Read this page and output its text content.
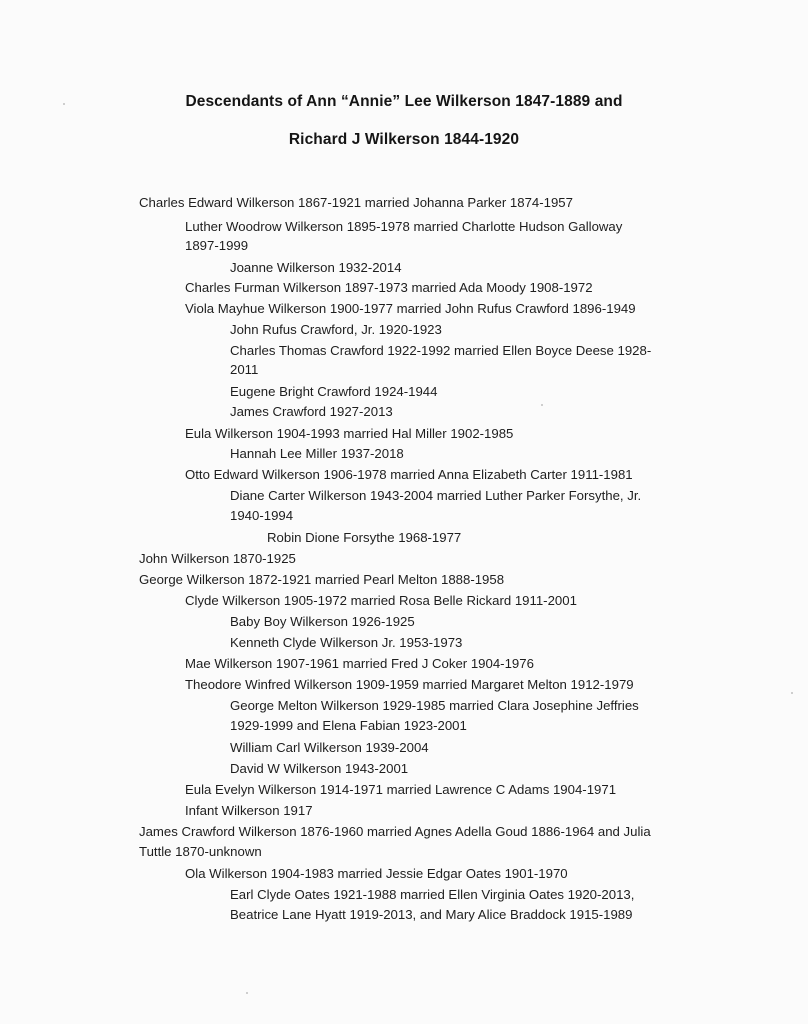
Descendants of Ann “Annie” Lee Wilkerson 1847-1889 and
Richard J Wilkerson 1844-1920
Charles Edward Wilkerson 1867-1921 married Johanna Parker 1874-1957
Luther Woodrow Wilkerson 1895-1978 married Charlotte Hudson Galloway
1897-1999
Joanne Wilkerson 1932-2014
Charles Furman Wilkerson 1897-1973 married Ada Moody 1908-1972
Viola Mayhue Wilkerson 1900-1977 married John Rufus Crawford 1896-1949
John Rufus Crawford, Jr. 1920-1923
Charles Thomas Crawford 1922-1992 married Ellen Boyce Deese 1928-
2011
Eugene Bright Crawford 1924-1944
James Crawford 1927-2013
Eula Wilkerson 1904-1993 married Hal Miller 1902-1985
Hannah Lee Miller 1937-2018
Otto Edward Wilkerson 1906-1978 married Anna Elizabeth Carter 1911-1981
Diane Carter Wilkerson 1943-2004 married Luther Parker Forsythe, Jr.
1940-1994
Robin Dione Forsythe 1968-1977
John Wilkerson 1870-1925
George Wilkerson 1872-1921 married Pearl Melton 1888-1958
Clyde Wilkerson 1905-1972 married Rosa Belle Rickard 1911-2001
Baby Boy Wilkerson 1926-1925
Kenneth Clyde Wilkerson Jr. 1953-1973
Mae Wilkerson 1907-1961 married Fred J Coker 1904-1976
Theodore Winfred Wilkerson 1909-1959 married Margaret Melton 1912-1979
George Melton Wilkerson 1929-1985 married Clara Josephine Jeffries
1929-1999 and Elena Fabian 1923-2001
William Carl Wilkerson 1939-2004
David W Wilkerson 1943-2001
Eula Evelyn Wilkerson 1914-1971 married Lawrence C Adams 1904-1971
Infant Wilkerson 1917
James Crawford Wilkerson 1876-1960 married Agnes Adella Goud 1886-1964 and Julia
Tuttle 1870-unknown
Ola Wilkerson 1904-1983 married Jessie Edgar Oates 1901-1970
Earl Clyde Oates 1921-1988 married Ellen Virginia Oates 1920-2013,
Beatrice Lane Hyatt 1919-2013, and Mary Alice Braddock 1915-1989
